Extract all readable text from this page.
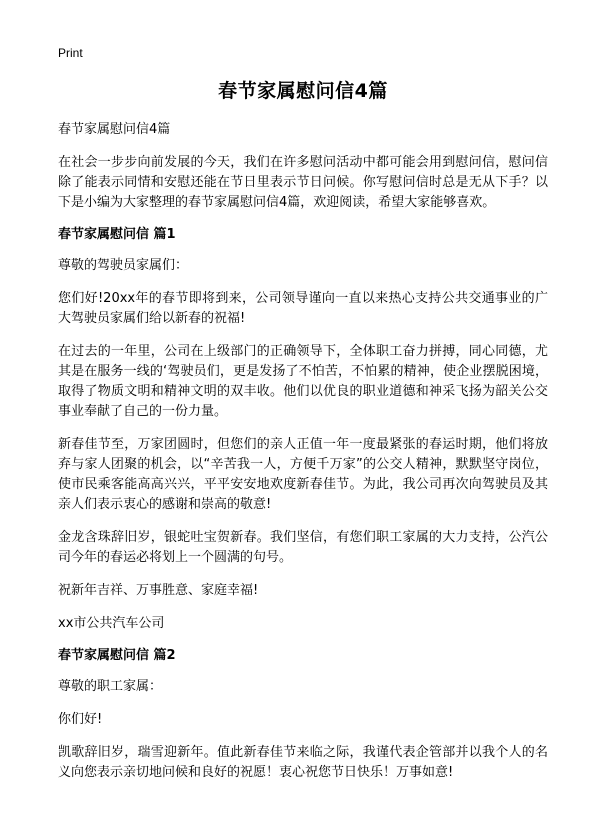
Print
春节家属慰问信4篇
春节家属慰问信4篇

在社会一步步向前发展的今天，我们在许多慰问活动中都可能会用到慰问信，慰问信除了能表示同情和安慰还能在节日里表示节日问候。你写慰问信时总是无从下手？以下是小编为大家整理的春节家属慰问信4篇，欢迎阅读，希望大家能够喜欢。

春节家属慰问信 篇1

尊敬的驾驶员家属们：

您们好!20xx年的春节即将到来，公司领导谨向一直以来热心支持公共交通事业的广大驾驶员家属们给以新春的祝福!

在过去的一年里，公司在上级部门的正确领导下，全体职工奋力拼搏，同心同德，尤其是在服务一线的‘驾驶员们，更是发扬了不怕苦，不怕累的精神，使企业摆脱困境，取得了物质文明和精神文明的双丰收。他们以优良的职业道德和神采飞扬为韶关公交事业奉献了自己的一份力量。

新春佳节至，万家团圆时，但您们的亲人正值一年一度最紧张的春运时期，他们将放弃与家人团聚的机会，以“辛苦我一人，方便千万家”的公交人精神，默默坚守岗位，使市民乘客能高高兴兴，平平安安地欢度新春佳节。为此，我公司再次向驾驶员及其亲人们表示衷心的感谢和崇高的敬意!

金龙含珠辞旧岁，银蛇吐宝贺新春。我们坚信，有您们职工家属的大力支持，公汽公司今年的春运必将划上一个圆满的句号。

祝新年吉祥、万事胜意、家庭幸福!

xx市公共汽车公司

春节家属慰问信 篇2

尊敬的职工家属：

你们好!

凯歌辞旧岁，瑞雪迎新年。值此新春佳节来临之际，我谨代表企管部并以我个人的名义向您表示亲切地问候和良好的祝愿！衷心祝您节日快乐！万事如意!
